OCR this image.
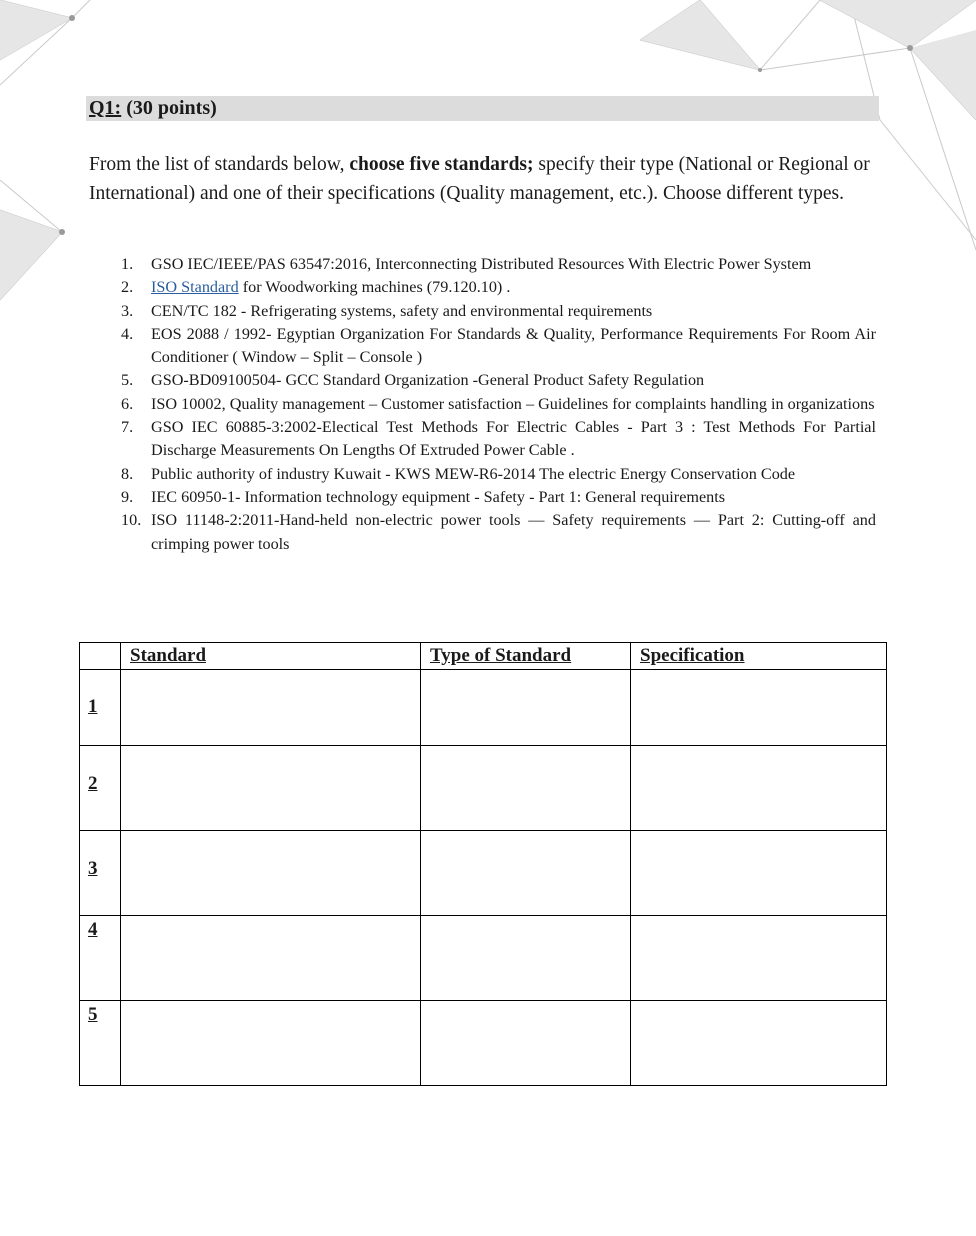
Q1: (30 points)
From the list of standards below, choose five standards; specify their type (National or Regional or International) and one of their specifications (Quality management, etc.). Choose different types.
1.	GSO IEC/IEEE/PAS 63547:2016, Interconnecting Distributed Resources With Electric Power System
2.	ISO Standard for Woodworking machines (79.120.10) .
3.	CEN/TC 182 - Refrigerating systems, safety and environmental requirements
4.	EOS 2088 / 1992- Egyptian Organization For Standards & Quality, Performance Requirements For Room Air Conditioner ( Window – Split – Console )
5.	GSO-BD09100504- GCC Standard Organization -General Product Safety Regulation
6.	ISO 10002, Quality management – Customer satisfaction – Guidelines for complaints handling in organizations
7.	GSO IEC 60885-3:2002-Electical Test Methods For Electric Cables - Part 3 : Test Methods For Partial Discharge Measurements On Lengths Of Extruded Power Cable .
8.	Public authority of industry Kuwait - KWS MEW-R6-2014 The electric Energy Conservation Code
9.	IEC 60950-1- Information technology equipment - Safety - Part 1: General requirements
10. ISO 11148-2:2011-Hand-held non-electric power tools — Safety requirements — Part 2: Cutting-off and crimping power tools
	Standard	Type of Standard	Specification
1			
2			
3			
4			
5			
